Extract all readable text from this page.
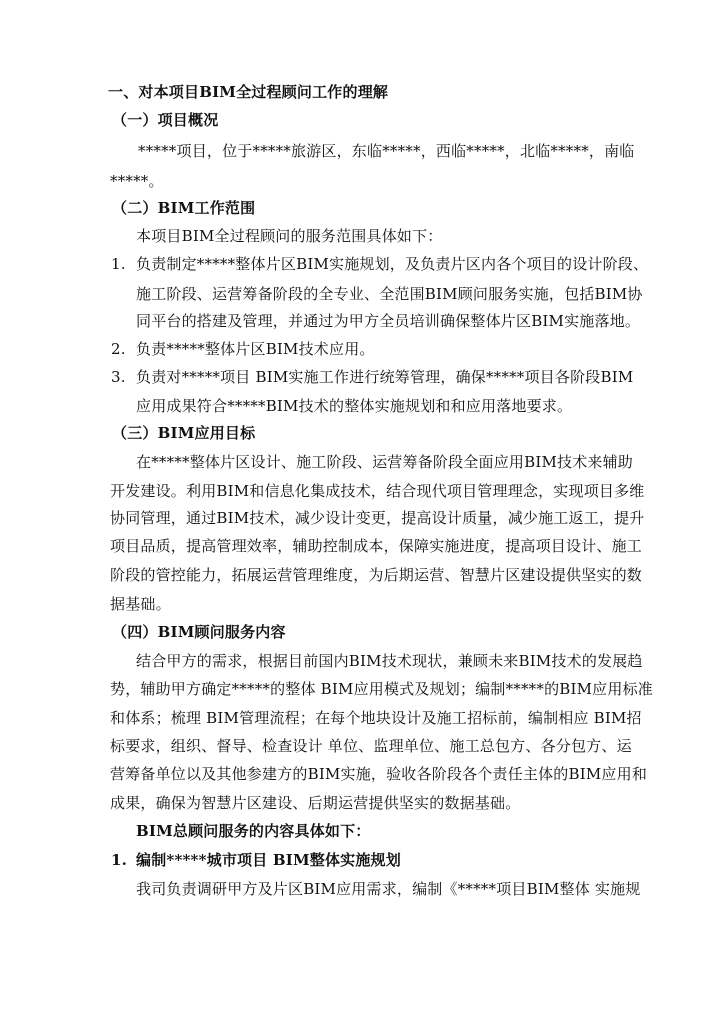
一、对本项目BIM全过程顾问工作的理解
（一）项目概况
*****项目，位于*****旅游区，东临*****，西临*****，北临*****，南临
*****。
（二）BIM工作范围
本项目BIM全过程顾问的服务范围具体如下：
1. 负责制定*****整体片区BIM实施规划，及负责片区内各个项目的设计阶段、
施工阶段、运营筹备阶段的全专业、全范围BIM顾问服务实施，包括BIM协
同平台的搭建及管理，并通过为甲方全员培训确保整体片区BIM实施落地。
2. 负责*****整体片区BIM技术应用。
3. 负责对*****项目 BIM实施工作进行统筹管理，确保*****项目各阶段BIM
应用成果符合*****BIM技术的整体实施规划和和应用落地要求。
（三）BIM应用目标
在*****整体片区设计、施工阶段、运营筹备阶段全面应用BIM技术来辅助
开发建设。利用BIM和信息化集成技术，结合现代项目管理理念，实现项目多维
协同管理，通过BIM技术，减少设计变更，提高设计质量，减少施工返工，提升
项目品质，提高管理效率，辅助控制成本，保障实施进度，提高项目设计、施工
阶段的管控能力，拓展运营管理维度，为后期运营、智慧片区建设提供坚实的数
据基础。
（四）BIM顾问服务内容
结合甲方的需求，根据目前国内BIM技术现状，兼顾未来BIM技术的发展趋
势，辅助甲方确定*****的整体 BIM应用模式及规划；编制*****的BIM应用标准
和体系；梳理 BIM管理流程；在每个地块设计及施工招标前，编制相应 BIM招
标要求，组织、督导、检查设计 单位、监理单位、施工总包方、各分包方、运
营筹备单位以及其他参建方的BIM实施，验收各阶段各个责任主体的BIM应用和
成果，确保为智慧片区建设、后期运营提供坚实的数据基础。
BIM总顾问服务的内容具体如下：
1. 编制*****城市项目 BIM整体实施规划
我司负责调研甲方及片区BIM应用需求，编制《*****项目BIM整体 实施规
